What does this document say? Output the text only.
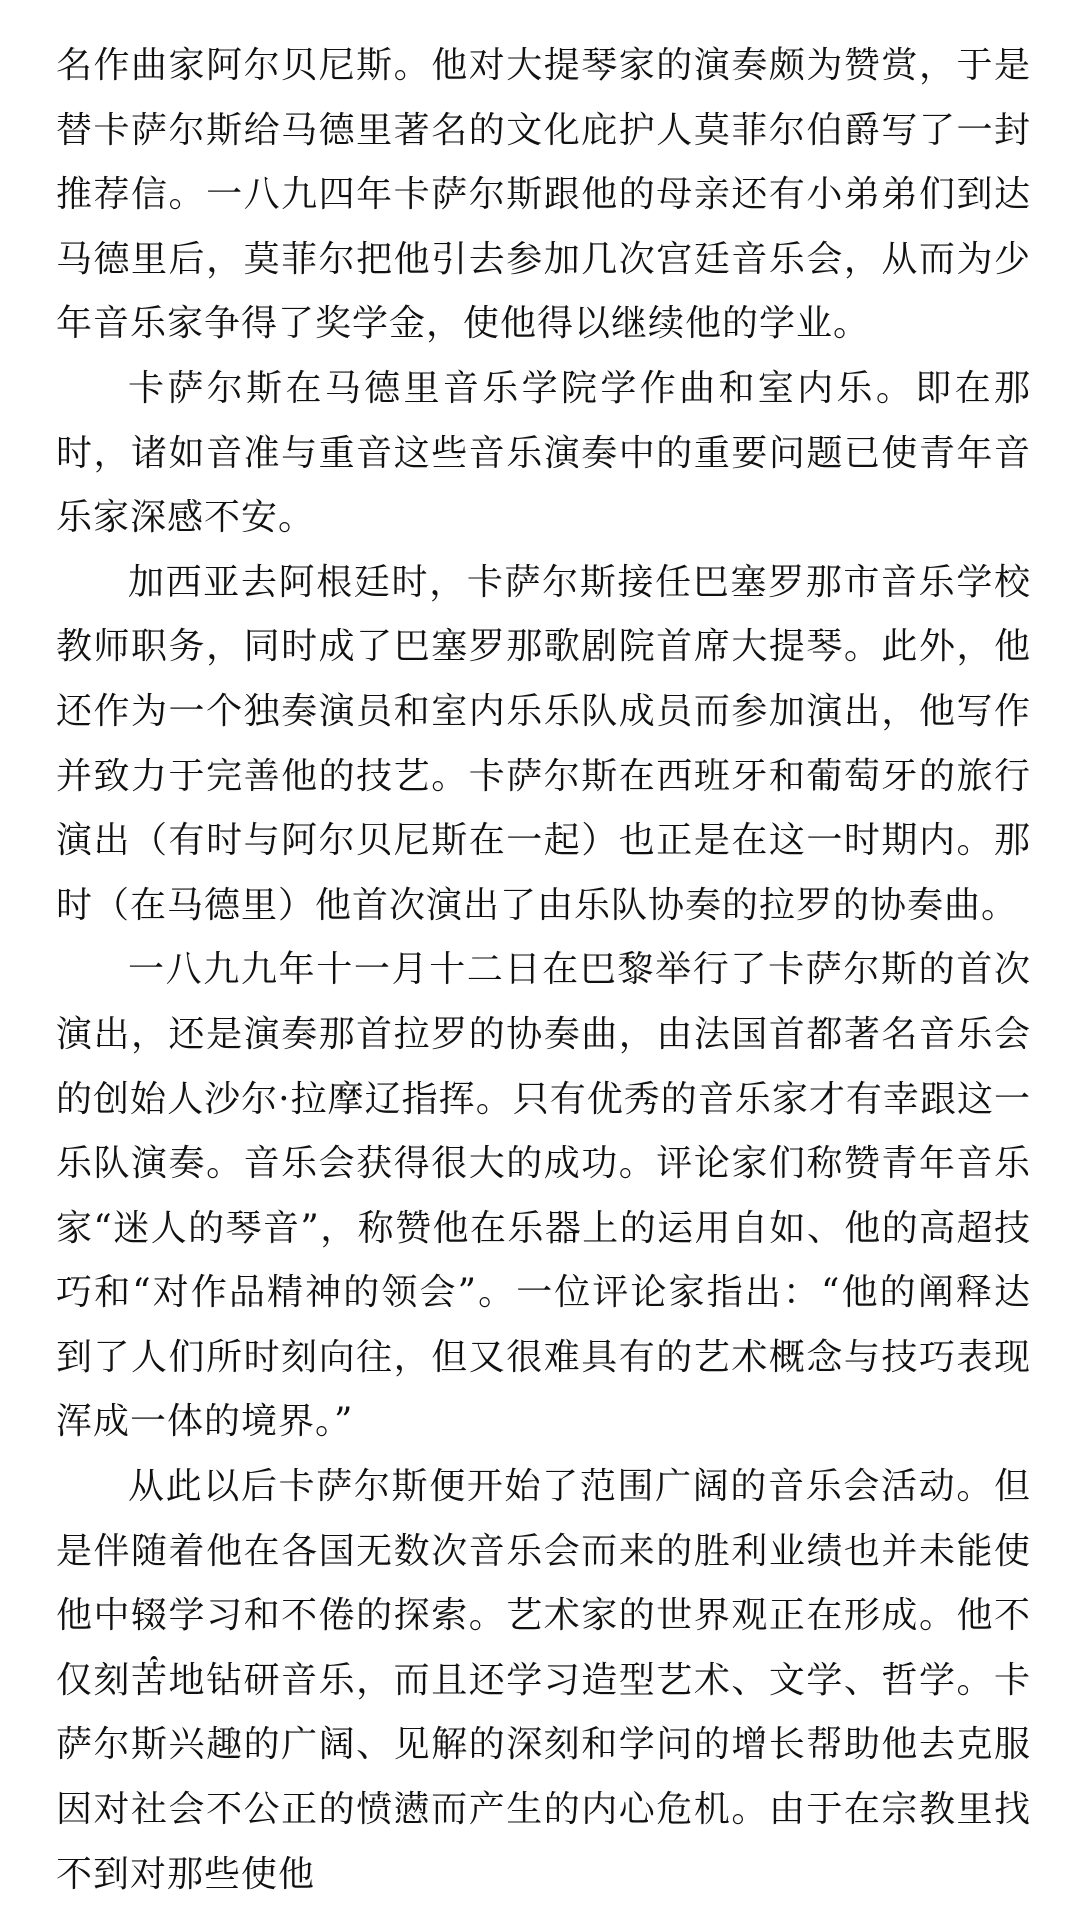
名作曲家阿尔贝尼斯。他对大提琴家的演奏颇为赞赏，于是替卡萨尔斯给马德里著名的文化庇护人莫菲尔伯爵写了一封推荐信。一八九四年卡萨尔斯跟他的母亲还有小弟弟们到达马德里后，莫菲尔把他引去参加几次宫廷音乐会，从而为少年音乐家争得了奖学金，使他得以继续他的学业。

卡萨尔斯在马德里音乐学院学作曲和室内乐。即在那时，诸如音准与重音这些音乐演奏中的重要问题已使青年音乐家深感不安。

加西亚去阿根廷时，卡萨尔斯接任巴塞罗那市音乐学校教师职务，同时成了巴塞罗那歌剧院首席大提琴。此外，他还作为一个独奏演员和室内乐乐队成员而参加演出，他写作并致力于完善他的技艺。卡萨尔斯在西班牙和葡萄牙的旅行演出（有时与阿尔贝尼斯在一起）也正是在这一时期内。那时（在马德里）他首次演出了由乐队协奏的拉罗的协奏曲。

一八九九年十一月十二日在巴黎举行了卡萨尔斯的首次演出，还是演奏那首拉罗的协奏曲，由法国首都著名音乐会的创始人沙尔·拉摩辽指挥。只有优秀的音乐家才有幸跟这一乐队演奏。音乐会获得很大的成功。评论家们称赞青年音乐家“迷人的琴音”，称赞他在乐器上的运用自如、他的高超技巧和“对作品精神的领会”。一位评论家指出：“他的阐释达到了人们所时刻向往，但又很难具有的艺术概念与技巧表现浑成一体的境界。”

从此以后卡萨尔斯便开始了范围广阔的音乐会活动。但是伴随着他在各国无数次音乐会而来的胜利业绩也并未能使他中辍学习和不倦的探索。艺术家的世界观正在形成。他不仅刻苦地钻研音乐，而且还学习造型艺术、文学、哲学。卡萨尔斯兴趣的广阔、见解的深刻和学问的增长帮助他去克服因对社会不公正的愤懑而产生的内心危机。由于在宗教里找不到对那些使他
